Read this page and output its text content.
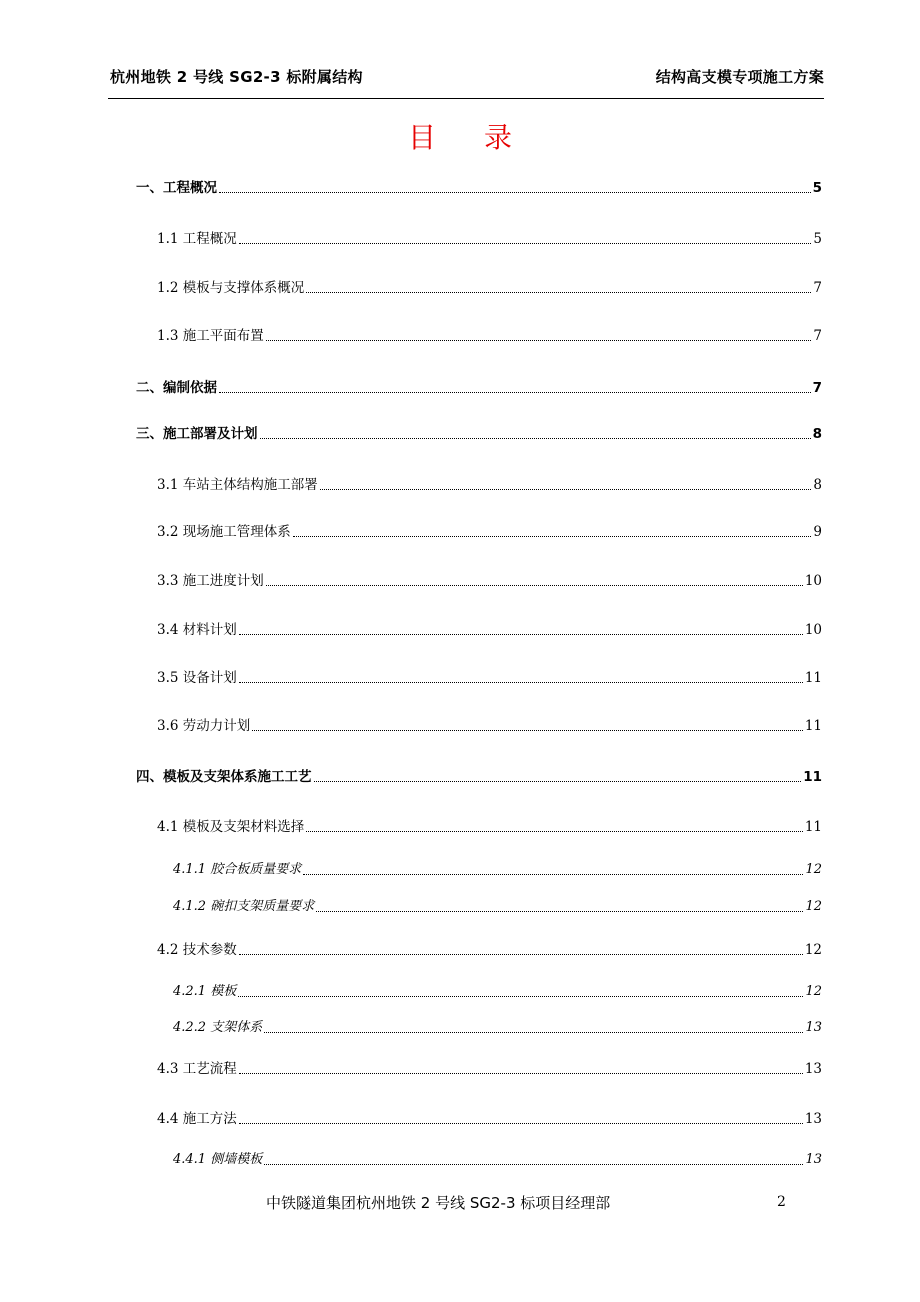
杭州地铁 2 号线 SG2-3 标附属结构	结构高支模专项施工方案
目录
一、工程概况	5
1.1 工程概况	5
1.2 模板与支撑体系概况	7
1.3 施工平面布置	7
二、编制依据	7
三、施工部署及计划	8
3.1 车站主体结构施工部署	8
3.2 现场施工管理体系	9
3.3 施工进度计划	10
3.4 材料计划	10
3.5 设备计划	11
3.6 劳动力计划	11
四、模板及支架体系施工工艺	11
4.1 模板及支架材料选择	11
4.1.1 胶合板质量要求	12
4.1.2 碗扣支架质量要求	12
4.2 技术参数	12
4.2.1 模板	12
4.2.2 支架体系	13
4.3 工艺流程	13
4.4 施工方法	13
4.4.1 侧墙模板	13
中铁隧道集团杭州地铁 2 号线 SG2-3 标项目经理部	2
